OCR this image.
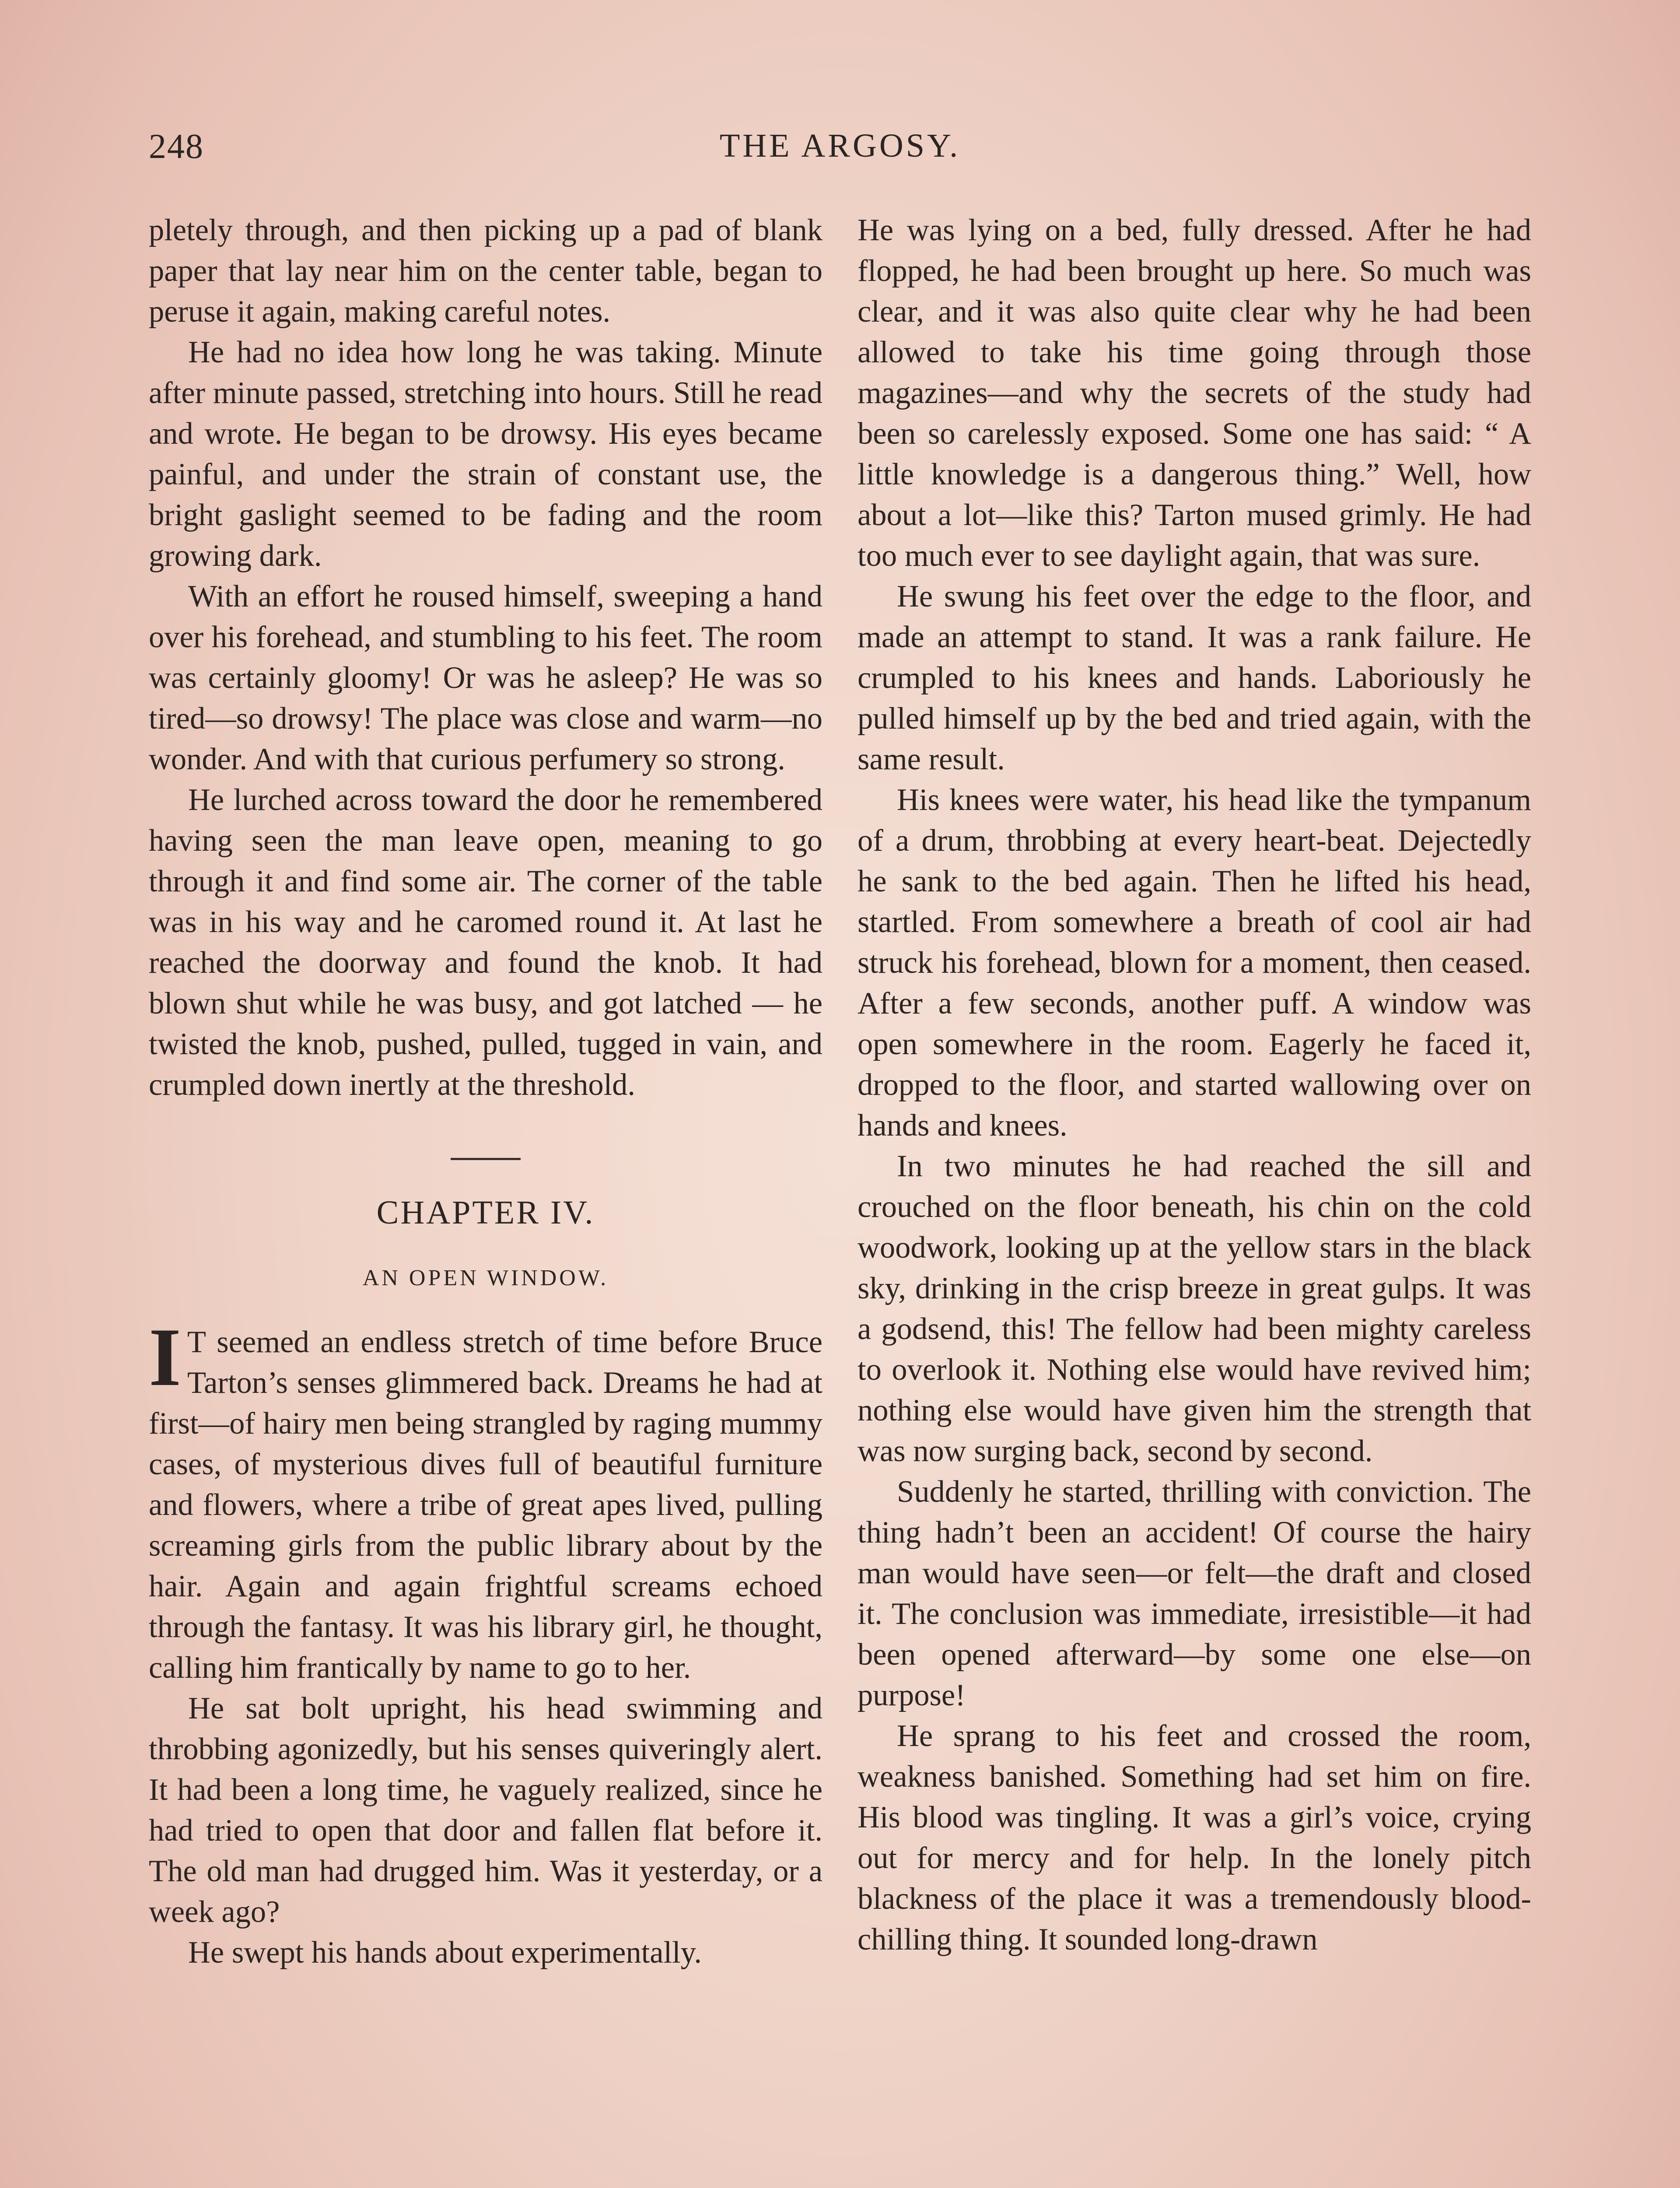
248	THE ARGOSY.

pletely through, and then picking up a pad of blank paper that lay near him on the center table, began to peruse it again, making careful notes.

He had no idea how long he was taking. Minute after minute passed, stretching into hours. Still he read and wrote. He began to be drowsy. His eyes became painful, and under the strain of constant use, the bright gaslight seemed to be fading and the room growing dark.

With an effort he roused himself, sweeping a hand over his forehead, and stumbling to his feet. The room was certainly gloomy! Or was he asleep? He was so tired—so drowsy! The place was close and warm—no wonder. And with that curious perfumery so strong.

He lurched across toward the door he remembered having seen the man leave open, meaning to go through it and find some air. The corner of the table was in his way and he caromed round it. At last he reached the doorway and found the knob. It had blown shut while he was busy, and got latched — he twisted the knob, pushed, pulled, tugged in vain, and crumpled down inertly at the threshold.

CHAPTER IV.
AN OPEN WINDOW.

I T seemed an endless stretch of time before Bruce Tarton’s senses glimmered back. Dreams he had at first—of hairy men being strangled by raging mummy cases, of mysterious dives full of beautiful furniture and flowers, where a tribe of great apes lived, pulling screaming girls from the public library about by the hair. Again and again frightful screams echoed through the fantasy. It was his library girl, he thought, calling him frantically by name to go to her.

He sat bolt upright, his head swimming and throbbing agonizedly, but his senses quiveringly alert. It had been a long time, he vaguely realized, since he had tried to open that door and fallen flat before it. The old man had drugged him. Was it yesterday, or a week ago?

He swept his hands about experimentally.

He was lying on a bed, fully dressed. After he had flopped, he had been brought up here. So much was clear, and it was also quite clear why he had been allowed to take his time going through those magazines—and why the secrets of the study had been so carelessly exposed. Some one has said: “ A little knowledge is a dangerous thing.” Well, how about a lot—like this? Tarton mused grimly. He had too much ever to see daylight again, that was sure.

He swung his feet over the edge to the floor, and made an attempt to stand. It was a rank failure. He crumpled to his knees and hands. Laboriously he pulled himself up by the bed and tried again, with the same result.

His knees were water, his head like the tympanum of a drum, throbbing at every heart-beat. Dejectedly he sank to the bed again. Then he lifted his head, startled. From somewhere a breath of cool air had struck his forehead, blown for a moment, then ceased. After a few seconds, another puff. A window was open somewhere in the room. Eagerly he faced it, dropped to the floor, and started wallowing over on hands and knees.

In two minutes he had reached the sill and crouched on the floor beneath, his chin on the cold woodwork, looking up at the yellow stars in the black sky, drinking in the crisp breeze in great gulps. It was a godsend, this! The fellow had been mighty careless to overlook it. Nothing else would have revived him; nothing else would have given him the strength that was now surging back, second by second.

Suddenly he started, thrilling with conviction. The thing hadn’t been an accident! Of course the hairy man would have seen—or felt—the draft and closed it. The conclusion was immediate, irresistible—it had been opened afterward—by some one else—on purpose!

He sprang to his feet and crossed the room, weakness banished. Something had set him on fire. His blood was tingling. It was a girl’s voice, crying out for mercy and for help. In the lonely pitch blackness of the place it was a tremendously blood-chilling thing. It sounded long-drawn
